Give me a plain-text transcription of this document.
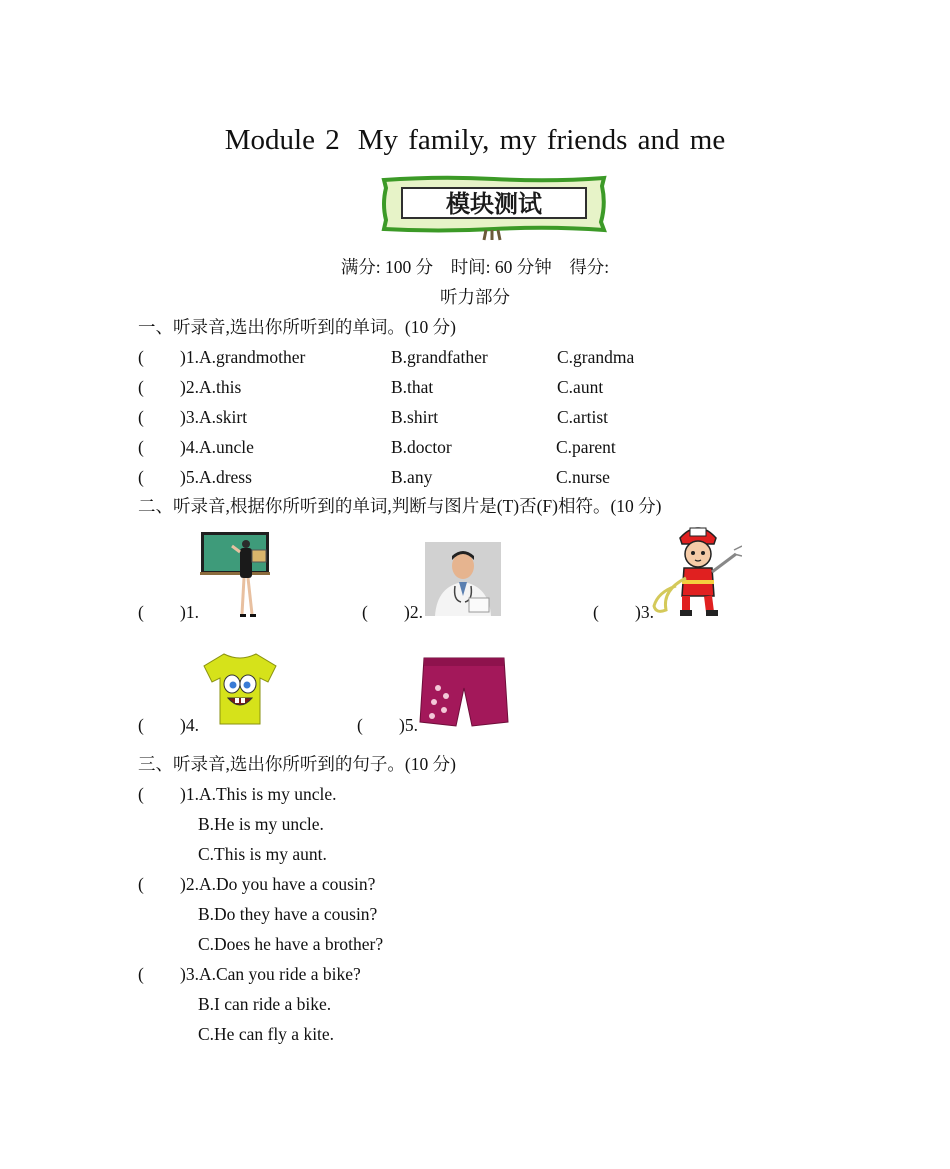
Module 2 My family, my friends and me
模块测试
满分: 100 分 时间: 60 分钟 得分:
听力部分
一、听录音,选出你所听到的单词。(10 分)
( )1.A.grandmother	B.grandfather	C.grandma
( )2.A.this	B.that	C.aunt
( )3.A.skirt	B.shirt	C.artist
( )4.A.uncle	B.doctor	C.parent
( )5.A.dress	B.any	C.nurse
二、听录音,根据你所听到的单词,判断与图片是(T)否(F)相符。(10 分)
( )1.	( )2.	( )3.
( )4.	( )5.
三、听录音,选出你所听到的句子。(10 分)
( )1.A.This is my uncle.
B.He is my uncle.
C.This is my aunt.
( )2.A.Do you have a cousin?
B.Do they have a cousin?
C.Does he have a brother?
( )3.A.Can you ride a bike?
B.I can ride a bike.
C.He can fly a kite.
